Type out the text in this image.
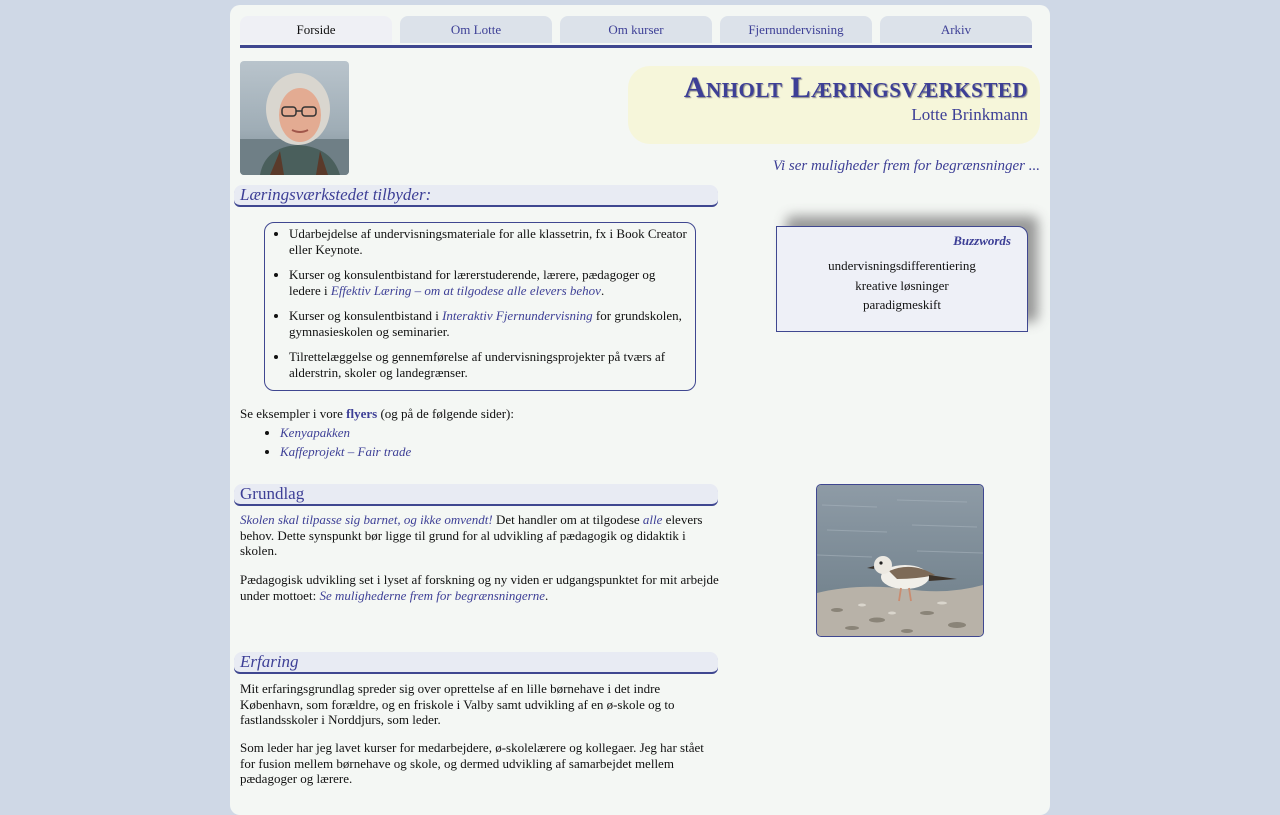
Forside	Om Lotte	Om kurser	Fjernundervisning	Arkiv
Anholt Læringsværksted
Lotte Brinkmann
Vi ser muligheder frem for begrænsninger ...
Læringsværkstedet tilbyder:
• Udarbejdelse af undervisningsmateriale for alle klassetrin, fx i Book Creator eller Keynote.
• Kurser og konsulentbistand for lærerstuderende, lærere, pædagoger og ledere i Effektiv Læring – om at tilgodese alle elevers behov.
• Kurser og konsulentbistand i Interaktiv Fjernundervisning for grundskolen, gymnasieskolen og seminarier.
• Tilrettelæggelse og gennemførelse af undervisningsprojekter på tværs af alderstrin, skoler og landegrænser.
Se eksempler i vore flyers (og på de følgende sider):
• Kenyapakken
• Kaffeprojekt – Fair trade
Grundlag
Skolen skal tilpasse sig barnet, og ikke omvendt! Det handler om at tilgodese alle elevers behov. Dette synspunkt bør ligge til grund for al udvikling af pædagogik og didaktik i skolen.
Pædagogisk udvikling set i lyset af forskning og ny viden er udgangspunktet for mit arbejde under mottoet: Se mulighederne frem for begrænsningerne.
Erfaring
Mit erfaringsgrundlag spreder sig over oprettelse af en lille børnehave i det indre København, som forældre, og en friskole i Valby samt udvikling af en ø-skole og to fastlandsskoler i Norddjurs, som leder.
Som leder har jeg lavet kurser for medarbejdere, ø-skolelærere og kollegaer. Jeg har stået for fusion mellem børnehave og skole, og dermed udvikling af samarbejdet mellem pædagoger og lærere.
Buzzwords
undervisningsdifferentiering
kreative løsninger
paradigmeskift
